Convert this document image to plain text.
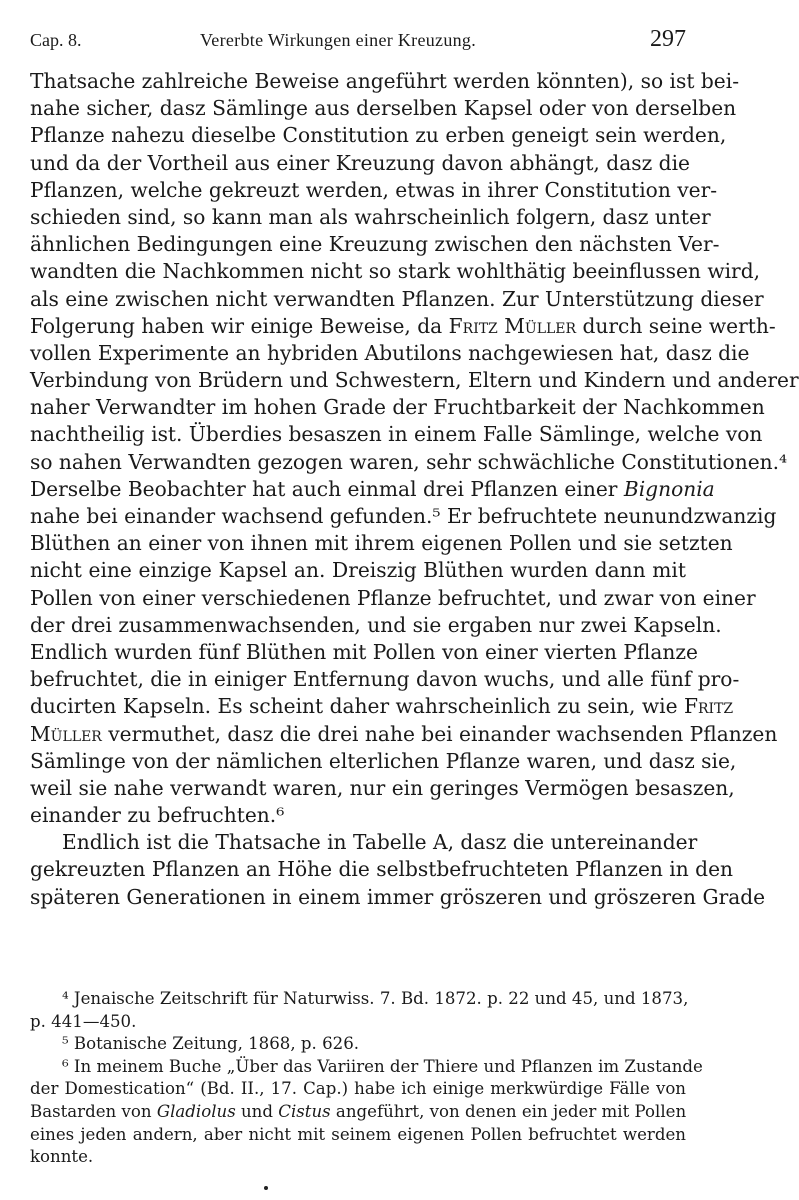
Cap. 8.	Vererbte Wirkungen einer Kreuzung.	297
Thatsache zahlreiche Beweise angeführt werden könnten), so ist bei-
nahe sicher, dasz Sämlinge aus derselben Kapsel oder von derselben
Pflanze nahezu dieselbe Constitution zu erben geneigt sein werden,
und da der Vortheil aus einer Kreuzung davon abhängt, dasz die
Pflanzen, welche gekreuzt werden, etwas in ihrer Constitution ver-
schieden sind, so kann man als wahrscheinlich folgern, dasz unter
ähnlichen Bedingungen eine Kreuzung zwischen den nächsten Ver-
wandten die Nachkommen nicht so stark wohlthätig beeinflussen wird,
als eine zwischen nicht verwandten Pflanzen. Zur Unterstützung dieser
Folgerung haben wir einige Beweise, da Fritz Müller durch seine werth-
vollen Experimente an hybriden Abutilons nachgewiesen hat, dasz die
Verbindung von Brüdern und Schwestern, Eltern und Kindern und anderer
naher Verwandter im hohen Grade der Fruchtbarkeit der Nachkommen
nachtheilig ist. Überdies besaszen in einem Falle Sämlinge, welche von
so nahen Verwandten gezogen waren, sehr schwächliche Constitutionen.⁴
Derselbe Beobachter hat auch einmal drei Pflanzen einer Bignonia
nahe bei einander wachsend gefunden.⁵ Er befruchtete neunundzwanzig
Blüthen an einer von ihnen mit ihrem eigenen Pollen und sie setzten
nicht eine einzige Kapsel an. Dreiszig Blüthen wurden dann mit
Pollen von einer verschiedenen Pflanze befruchtet, und zwar von einer
der drei zusammenwachsenden, und sie ergaben nur zwei Kapseln.
Endlich wurden fünf Blüthen mit Pollen von einer vierten Pflanze
befruchtet, die in einiger Entfernung davon wuchs, und alle fünf pro-
ducirten Kapseln. Es scheint daher wahrscheinlich zu sein, wie Fritz
Müller vermuthet, dasz die drei nahe bei einander wachsenden Pflanzen
Sämlinge von der nämlichen elterlichen Pflanze waren, und dasz sie,
weil sie nahe verwandt waren, nur ein geringes Vermögen besaszen,
einander zu befruchten.⁶
Endlich ist die Thatsache in Tabelle A, dasz die untereinander
gekreuzten Pflanzen an Höhe die selbstbefruchteten Pflanzen in den
späteren Generationen in einem immer gröszeren und gröszeren Grade
⁴ Jenaische Zeitschrift für Naturwiss. 7. Bd. 1872. p. 22 und 45, und 1873,
p. 441—450.
⁵ Botanische Zeitung, 1868, p. 626.
⁶ In meinem Buche „Über das Variiren der Thiere und Pflanzen im Zustande
der Domestication“ (Bd. II., 17. Cap.) habe ich einige merkwürdige Fälle von
Bastarden von Gladiolus und Cistus angeführt, von denen ein jeder mit Pollen
eines jeden andern, aber nicht mit seinem eigenen Pollen befruchtet werden
konnte.
